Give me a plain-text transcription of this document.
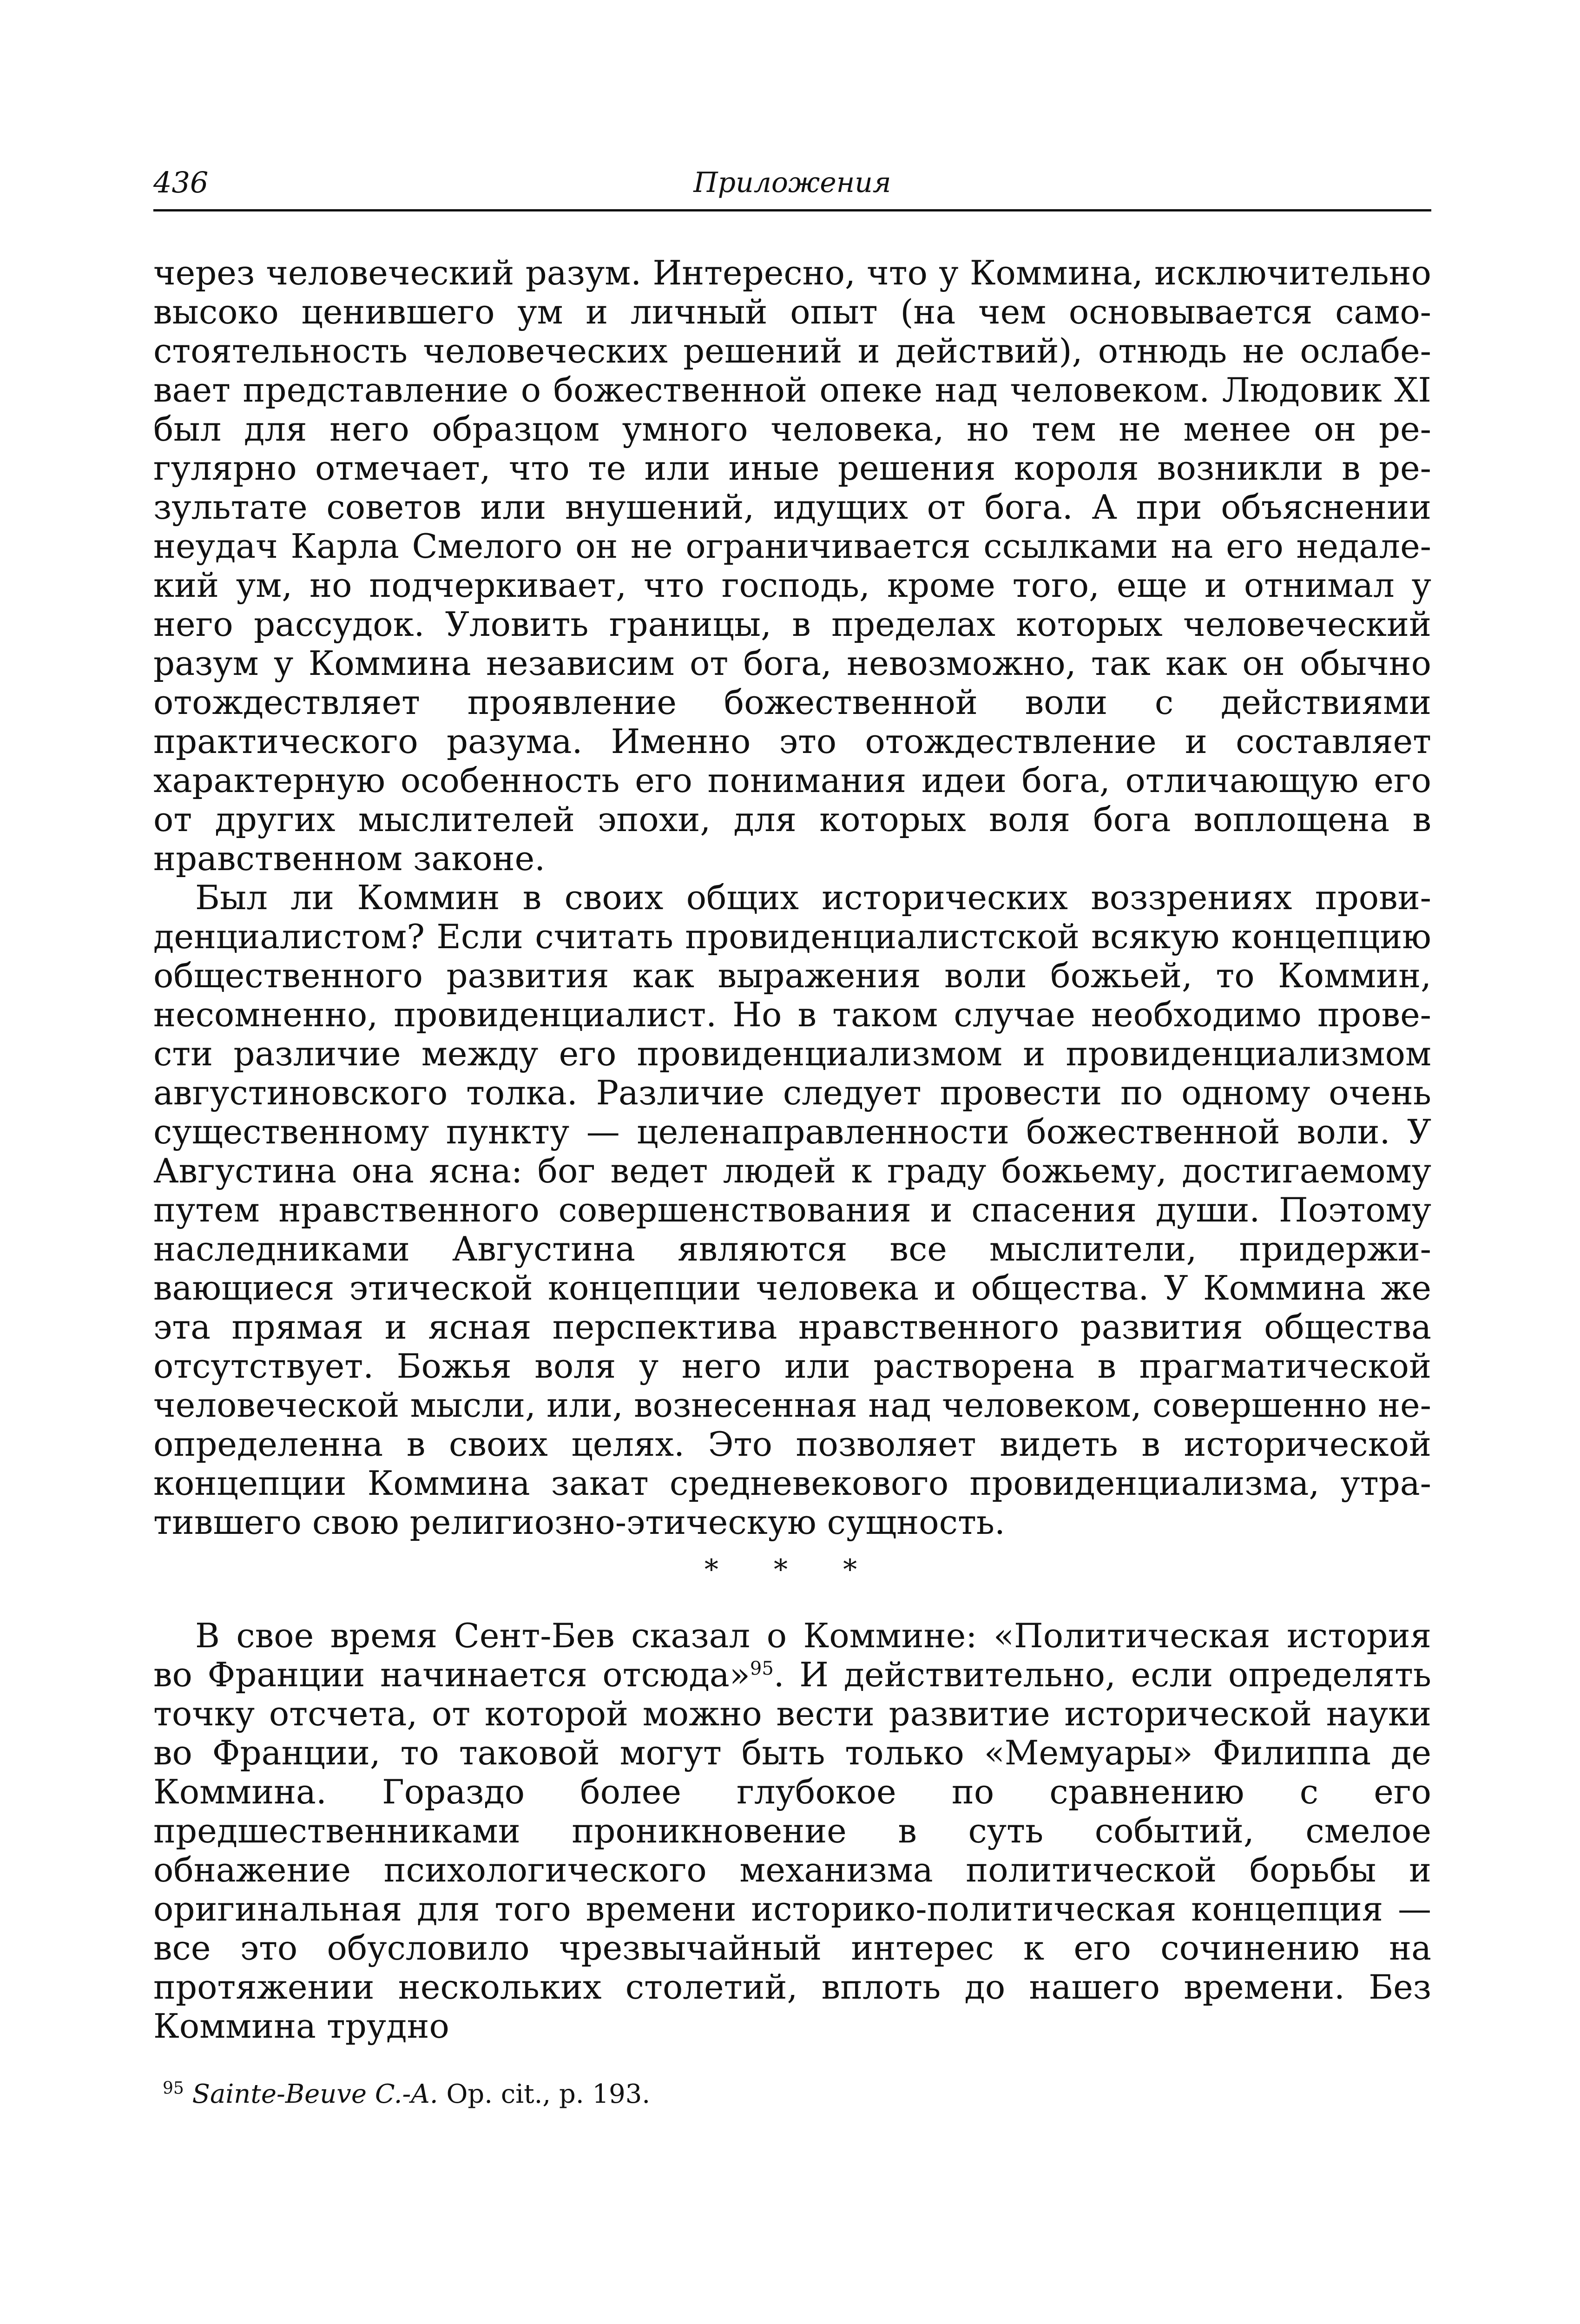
436	Приложения

через человеческий разум. Интересно, что у Коммина, исключительно высоко ценившего ум и личный опыт (на чем основывается самостоятельность человеческих решений и действий), отнюдь не ослабевает представление о божественной опеке над человеком. Людовик XI был для него образцом умного человека, но тем не менее он регулярно отмечает, что те или иные решения короля возникли в результате советов или внушений, идущих от бога. А при объяснении неудач Карла Смелого он не ограничивается ссылками на его недалекий ум, но подчеркивает, что господь, кроме того, еще и отнимал у него рассудок. Уловить границы, в пределах которых человеческий разум у Коммина независим от бога, невозможно, так как он обычно отождествляет проявление божественной воли с действиями практического разума. Именно это отождествление и составляет характерную особенность его понимания идеи бога, отличающую его от других мыслителей эпохи, для которых воля бога воплощена в нравственном законе.

Был ли Коммин в своих общих исторических воззрениях провиденциалистом? Если считать провиденциалистской всякую концепцию общественного развития как выражения воли божьей, то Коммин, несомненно, провиденциалист. Но в таком случае необходимо провести различие между его провиденциализмом и провиденциализмом августиновского толка. Различие следует провести по одному очень существенному пункту — целенаправленности божественной воли. У Августина она ясна: бог ведет людей к граду божьему, достигаемому путем нравственного совершенствования и спасения души. Поэтому наследниками Августина являются все мыслители, придерживающиеся этической концепции человека и общества. У Коммина же эта прямая и ясная перспектива нравственного развития общества отсутствует. Божья воля у него или растворена в прагматической человеческой мысли, или, вознесенная над человеком, совершенно неопределенна в своих целях. Это позволяет видеть в исторической концепции Коммина закат средневекового провиденциализма, утратившего свою религиозно-этическую сущность.

* * *

В свое время Сент-Бев сказал о Коммине: «Политическая история во Франции начинается отсюда»$^{95}$. И действительно, если определять точку отсчета, от которой можно вести развитие исторической науки во Франции, то таковой могут быть только «Мемуары» Филиппа де Коммина. Гораздо более глубокое по сравнению с его предшественниками проникновение в суть событий, смелое обнажение психологического механизма политической борьбы и оригинальная для того времени историко-политическая концепция — все это обусловило чрезвычайный интерес к его сочинению на протяжении нескольких столетий, вплоть до нашего времени. Без Коммина трудно

$^{95}$ Sainte-Beuve C.-A. Op. cit., p. 193.
